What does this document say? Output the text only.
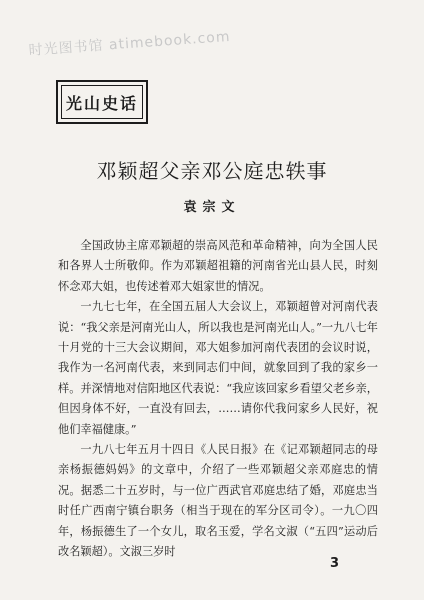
时光图书馆 atimebook.com
光山史话
邓颖超父亲邓公庭忠轶事
袁宗文

全国政协主席邓颖超的崇高风范和革命精神，向为全国人民和各界人士所敬仰。作为邓颖超祖籍的河南省光山县人民，时刻怀念邓大姐，也传述着邓大姐家世的情况。

一九七七年，在全国五届人大会议上，邓颖超曾对河南代表说：“我父亲是河南光山人，所以我也是河南光山人。”一九八七年十月党的十三大会议期间，邓大姐参加河南代表团的会议时说，我作为一名河南代表，来到同志们中间，就象回到了我的家乡一样。并深情地对信阳地区代表说：“我应该回家乡看望父老乡亲，但因身体不好，一直没有回去，……请你代我问家乡人民好，祝他们幸福健康。”

一九八七年五月十四日《人民日报》在《记邓颖超同志的母亲杨振德妈妈》的文章中，介绍了一些邓颖超父亲邓庭忠的情况。据悉二十五岁时，与一位广西武官邓庭忠结了婚，邓庭忠当时任广西南宁镇台职务（相当于现在的军分区司令）。一九〇四年，杨振德生了一个女儿，取名玉爱，学名文淑（“五四”运动后改名颖超）。文淑三岁时

3
